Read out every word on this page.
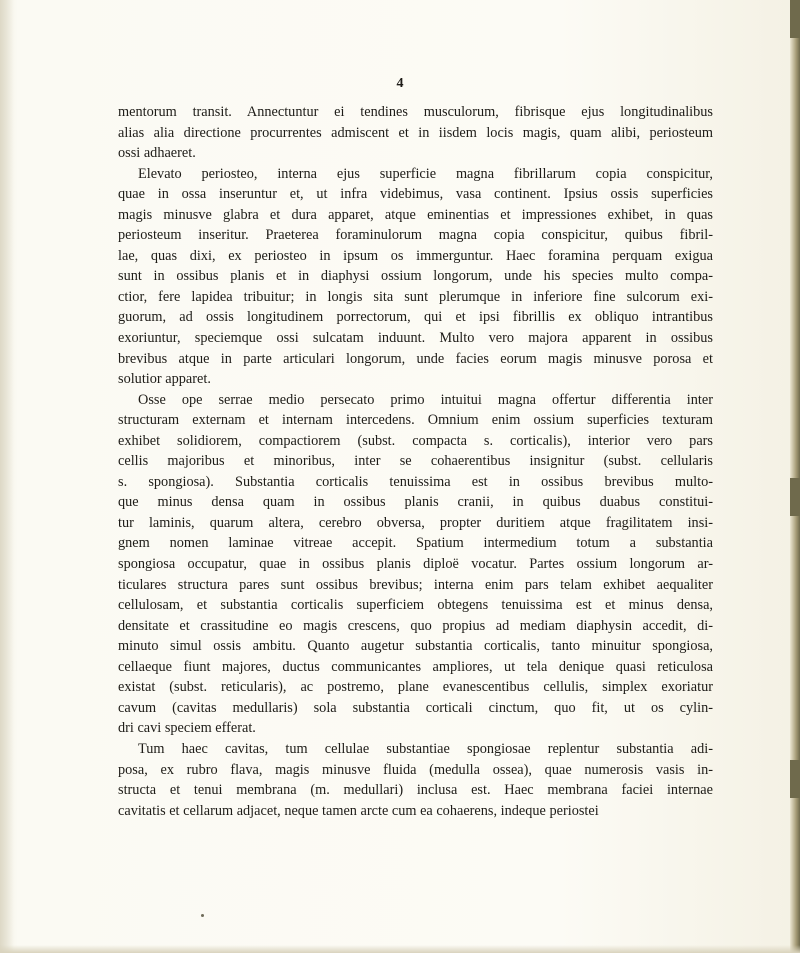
4

mentorum transit. Annectuntur ei tendines musculorum, fibrisque ejus longitudinalibus
alias alia directione procurrentes admiscent et in iisdem locis magis, quam alibi, periosteum
ossi adhaeret.
Elevato periosteo, interna ejus superficie magna fibrillarum copia conspicitur,
quae in ossa inseruntur et, ut infra videbimus, vasa continent. Ipsius ossis superficies
magis minusve glabra et dura apparet, atque eminentias et impressiones exhibet, in quas
periosteum inseritur. Praeterea foraminulorum magna copia conspicitur, quibus fibril-
lae, quas dixi, ex periosteo in ipsum os immerguntur. Haec foramina perquam exigua
sunt in ossibus planis et in diaphysi ossium longorum, unde his species multo compa-
ctior, fere lapidea tribuitur; in longis sita sunt plerumque in inferiore fine sulcorum exi-
guorum, ad ossis longitudinem porrectorum, qui et ipsi fibrillis ex obliquo intrantibus
exoriuntur, speciemque ossi sulcatam induunt. Multo vero majora apparent in ossibus
brevibus atque in parte articulari longorum, unde facies eorum magis minusve porosa et
solutior apparet.
Osse ope serrae medio persecato primo intuitui magna offertur differentia inter
structuram externam et internam intercedens. Omnium enim ossium superficies texturam
exhibet solidiorem, compactiorem (subst. compacta s. corticalis), interior vero pars
cellis majoribus et minoribus, inter se cohaerentibus insignitur (subst. cellularis
s. spongiosa). Substantia corticalis tenuissima est in ossibus brevibus multo-
que minus densa quam in ossibus planis cranii, in quibus duabus constitui-
tur laminis, quarum altera, cerebro obversa, propter duritiem atque fragilitatem insi-
gnem nomen laminae vitreae accepit. Spatium intermedium totum a substantia
spongiosa occupatur, quae in ossibus planis diploë vocatur. Partes ossium longorum ar-
ticulares structura pares sunt ossibus brevibus; interna enim pars telam exhibet aequaliter
cellulosam, et substantia corticalis superficiem obtegens tenuissima est et minus densa,
densitate et crassitudine eo magis crescens, quo propius ad mediam diaphysin accedit, di-
minuto simul ossis ambitu. Quanto augetur substantia corticalis, tanto minuitur spongiosa,
cellaeque fiunt majores, ductus communicantes ampliores, ut tela denique quasi reticulosa
existat (subst. reticularis), ac postremo, plane evanescentibus cellulis, simplex exoriatur
cavum (cavitas medullaris) sola substantia corticali cinctum, quo fit, ut os cylin-
dri cavi speciem efferat.
Tum haec cavitas, tum cellulae substantiae spongiosae replentur substantia adi-
posa, ex rubro flava, magis minusve fluida (medulla ossea), quae numerosis vasis in-
structa et tenui membrana (m. medullari) inclusa est. Haec membrana faciei internae
cavitatis et cellarum adjacet, neque tamen arcte cum ea cohaerens, indeque periostei
